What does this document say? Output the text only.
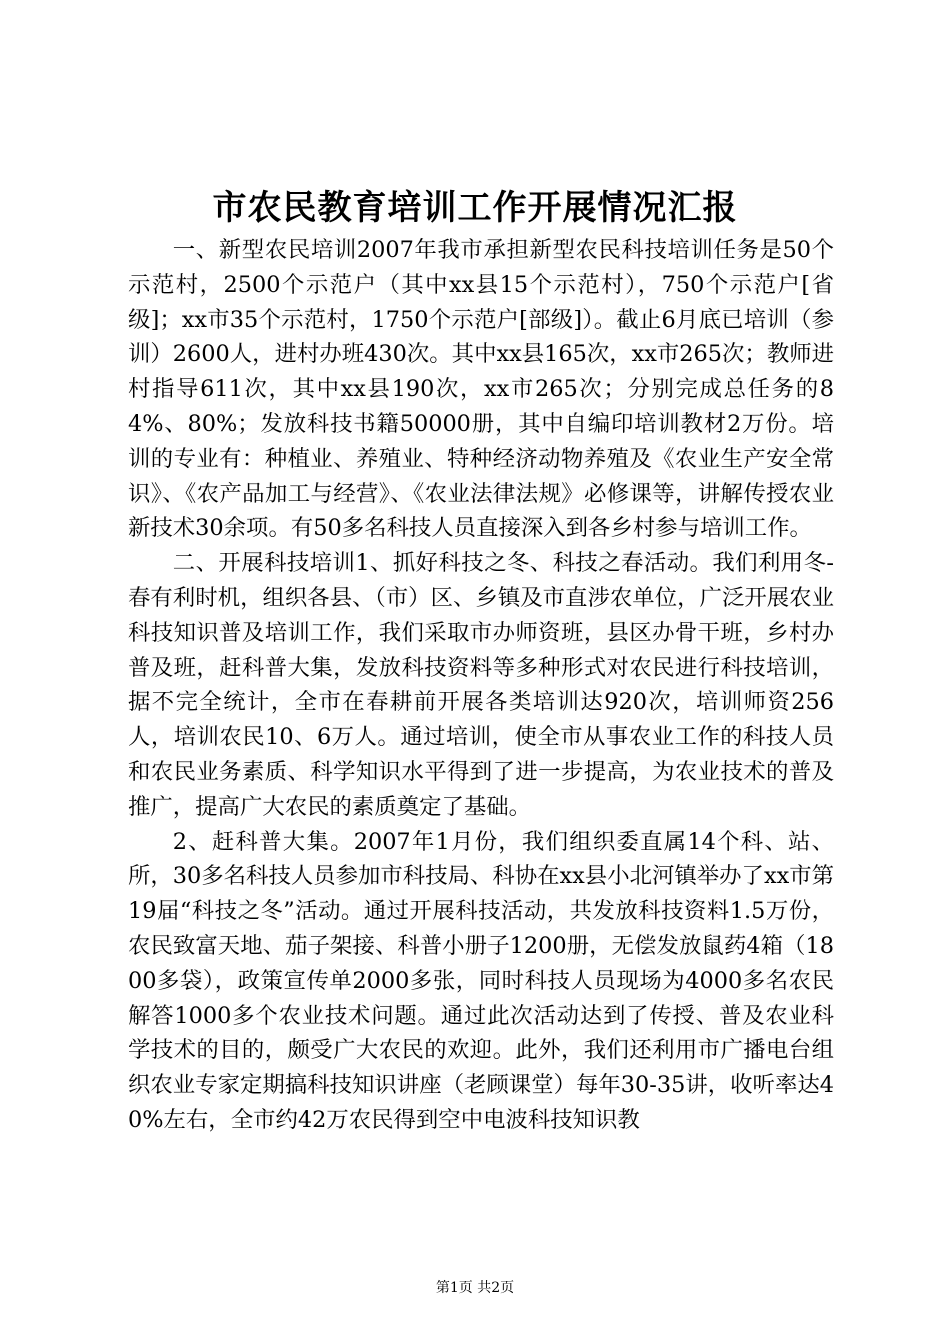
市农民教育培训工作开展情况汇报

一、新型农民培训2007年我市承担新型农民科技培训任务是50个示范村，2500个示范户（其中xx县15个示范村），750个示范户[省级]；xx市35个示范村，1750个示范户[部级]）。截止6月底已培训（参训）2600人，进村办班430次。其中xx县165次，xx市265次；教师进村指导611次，其中xx县190次，xx市265次；分别完成总任务的84%、80%；发放科技书籍50000册，其中自编印培训教材2万份。培训的专业有：种植业、养殖业、特种经济动物养殖及《农业生产安全常识》、《农产品加工与经营》、《农业法律法规》必修课等，讲解传授农业新技术30余项。有50多名科技人员直接深入到各乡村参与培训工作。

二、开展科技培训1、抓好科技之冬、科技之春活动。我们利用冬-春有利时机，组织各县、（市）区、乡镇及市直涉农单位，广泛开展农业科技知识普及培训工作，我们采取市办师资班，县区办骨干班，乡村办普及班，赶科普大集，发放科技资料等多种形式对农民进行科技培训，据不完全统计，全市在春耕前开展各类培训达920次，培训师资256人，培训农民10、6万人。通过培训，使全市从事农业工作的科技人员和农民业务素质、科学知识水平得到了进一步提高，为农业技术的普及推广，提高广大农民的素质奠定了基础。

2、赶科普大集。2007年1月份，我们组织委直属14个科、站、所，30多名科技人员参加市科技局、科协在xx县小北河镇举办了xx市第19届“科技之冬”活动。通过开展科技活动，共发放科技资料1.5万份，农民致富天地、茄子架接、科普小册子1200册，无偿发放鼠药4箱（1800多袋），政策宣传单2000多张，同时科技人员现场为4000多名农民解答1000多个农业技术问题。通过此次活动达到了传授、普及农业科学技术的目的，颇受广大农民的欢迎。此外，我们还利用市广播电台组织农业专家定期搞科技知识讲座（老顾课堂）每年30-35讲，收听率达40%左右，全市约42万农民得到空中电波科技知识教

第1页 共2页
